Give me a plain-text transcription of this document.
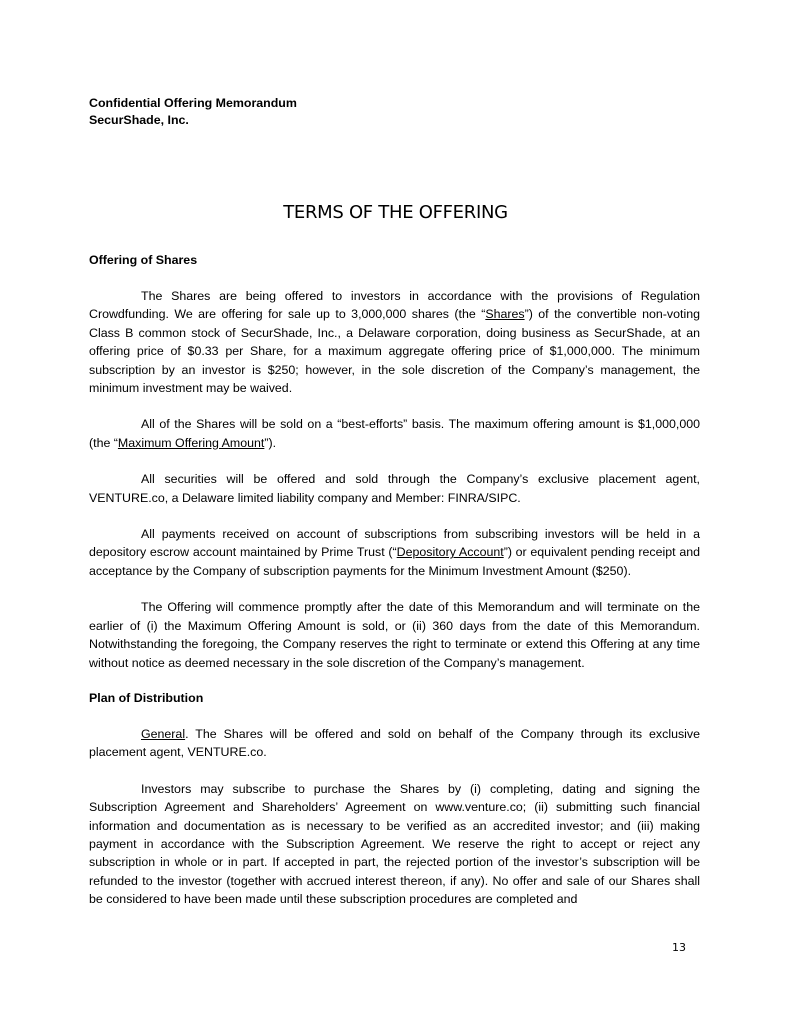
Confidential Offering Memorandum
SecurShade, Inc.
TERMS OF THE OFFERING
Offering of Shares

The Shares are being offered to investors in accordance with the provisions of Regulation Crowdfunding. We are offering for sale up to 3,000,000 shares (the “Shares”) of the convertible non-voting Class B common stock of SecurShade, Inc., a Delaware corporation, doing business as SecurShade, at an offering price of $0.33 per Share, for a maximum aggregate offering price of $1,000,000. The minimum subscription by an investor is $250; however, in the sole discretion of the Company’s management, the minimum investment may be waived.

All of the Shares will be sold on a “best-efforts” basis. The maximum offering amount is $1,000,000 (the “Maximum Offering Amount”).

All securities will be offered and sold through the Company’s exclusive placement agent, VENTURE.co, a Delaware limited liability company and Member: FINRA/SIPC.

All payments received on account of subscriptions from subscribing investors will be held in a depository escrow account maintained by Prime Trust (“Depository Account”) or equivalent pending receipt and acceptance by the Company of subscription payments for the Minimum Investment Amount ($250).

The Offering will commence promptly after the date of this Memorandum and will terminate on the earlier of (i) the Maximum Offering Amount is sold, or (ii) 360 days from the date of this Memorandum. Notwithstanding the foregoing, the Company reserves the right to terminate or extend this Offering at any time without notice as deemed necessary in the sole discretion of the Company’s management.

Plan of Distribution

General. The Shares will be offered and sold on behalf of the Company through its exclusive placement agent, VENTURE.co.

Investors may subscribe to purchase the Shares by (i) completing, dating and signing the Subscription Agreement and Shareholders’ Agreement on www.venture.co; (ii) submitting such financial information and documentation as is necessary to be verified as an accredited investor; and (iii) making payment in accordance with the Subscription Agreement. We reserve the right to accept or reject any subscription in whole or in part. If accepted in part, the rejected portion of the investor’s subscription will be refunded to the investor (together with accrued interest thereon, if any). No offer and sale of our Shares shall be considered to have been made until these subscription procedures are completed and

13
